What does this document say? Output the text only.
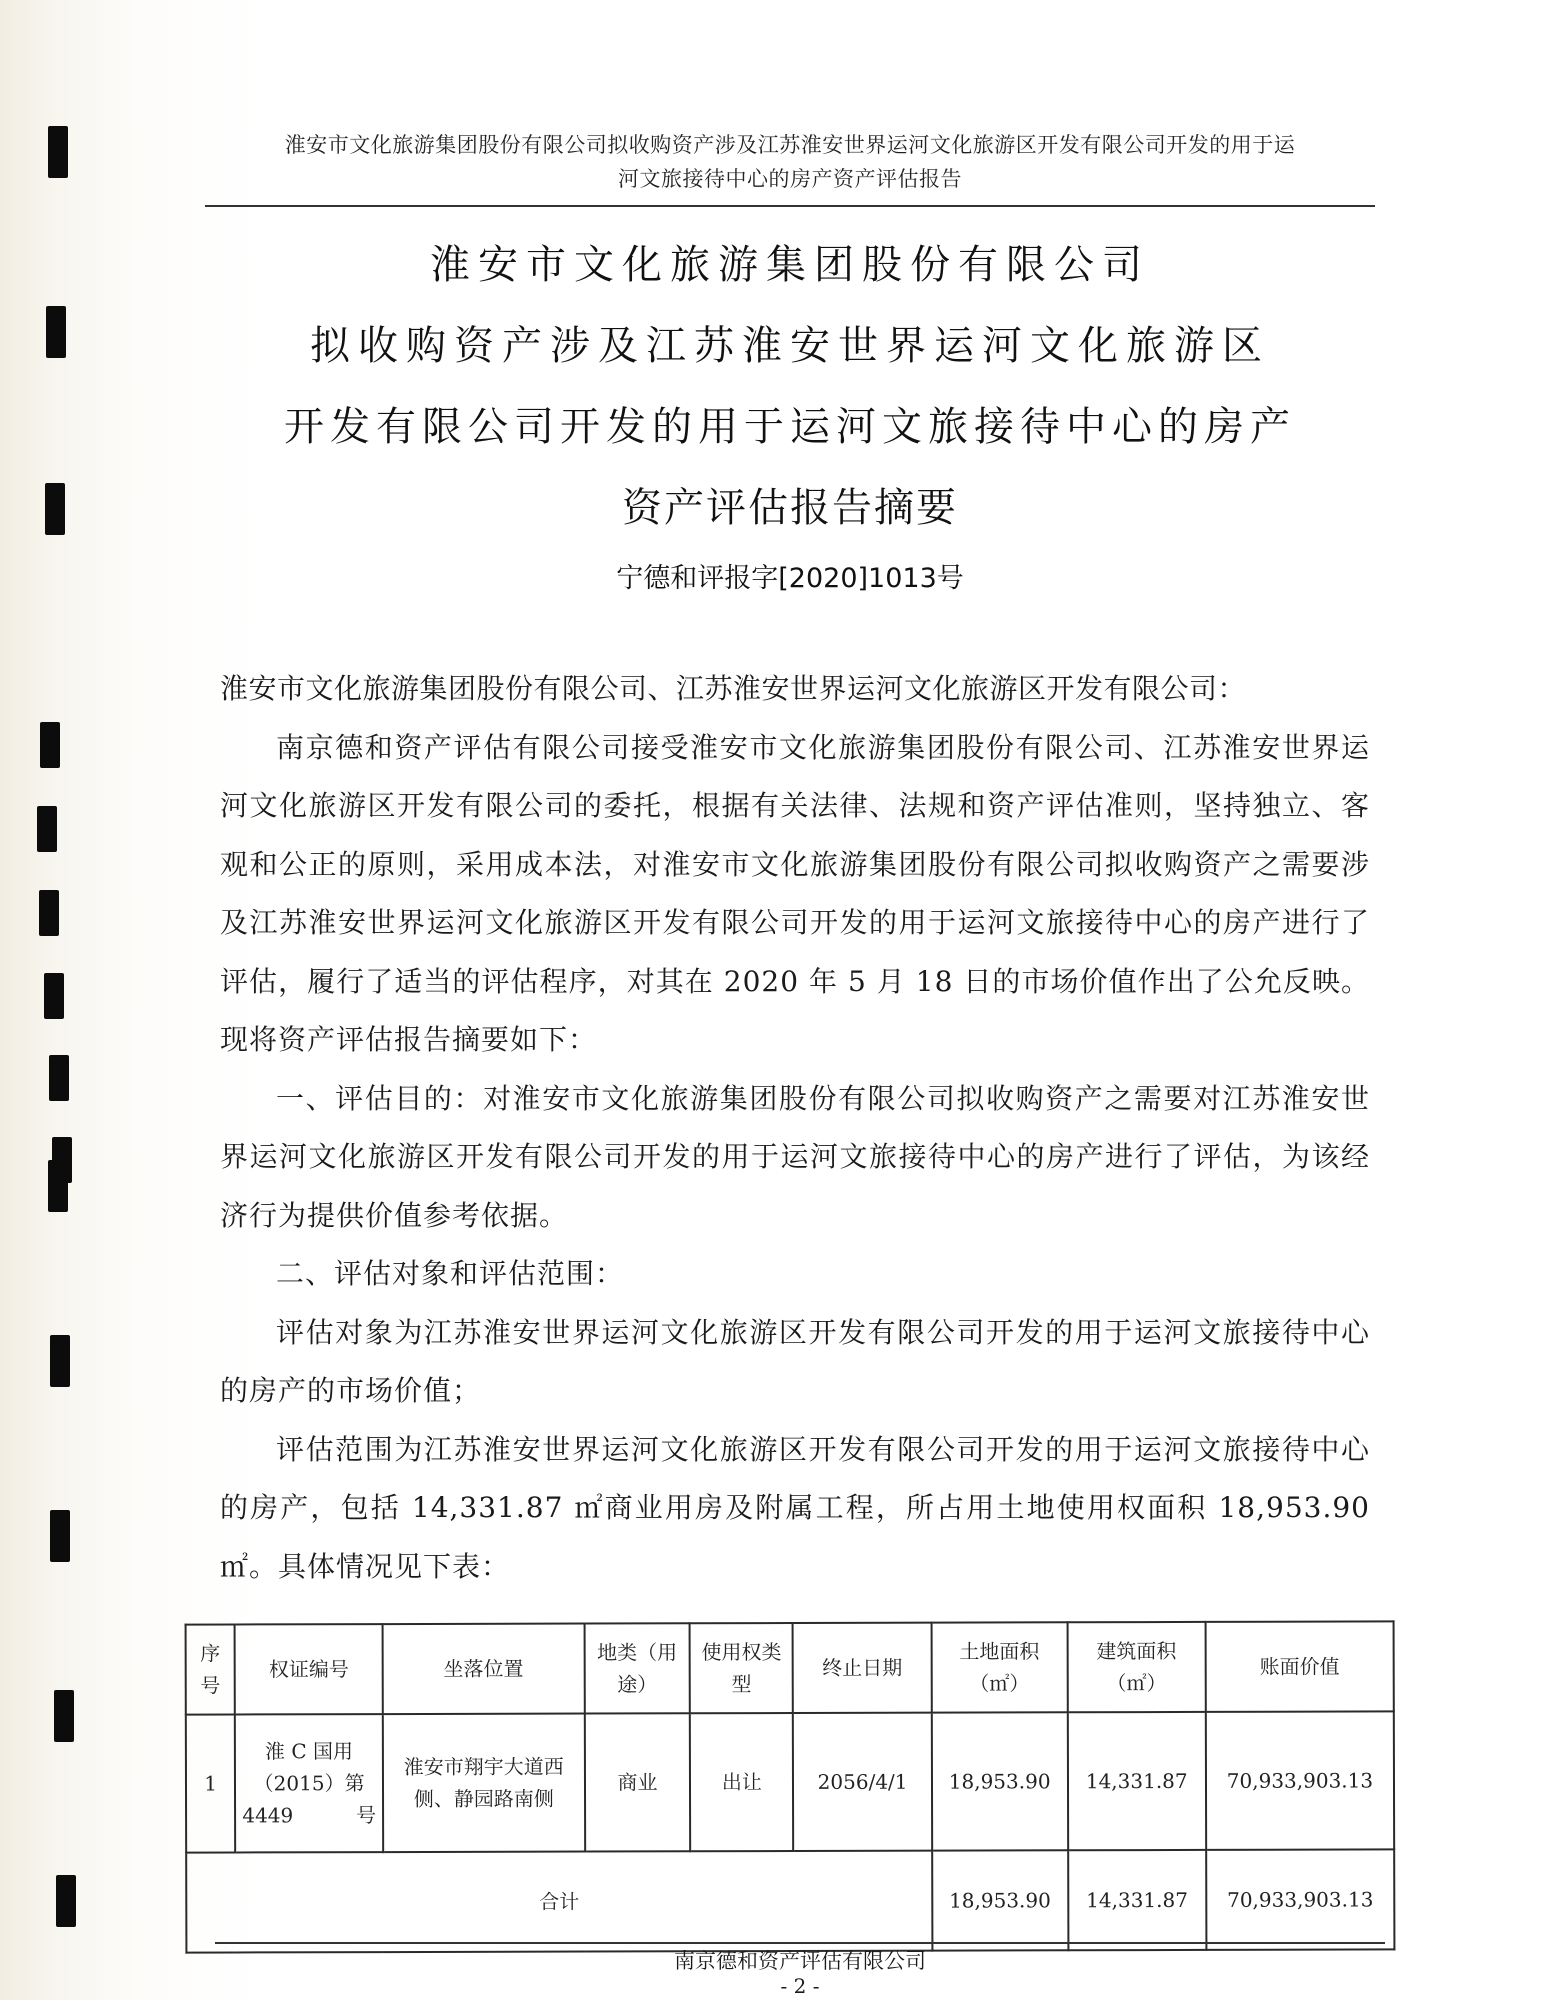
淮安市文化旅游集团股份有限公司拟收购资产涉及江苏淮安世界运河文化旅游区开发有限公司开发的用于运
河文旅接待中心的房产资产评估报告
淮安市文化旅游集团股份有限公司
拟收购资产涉及江苏淮安世界运河文化旅游区
开发有限公司开发的用于运河文旅接待中心的房产
资产评估报告摘要
宁德和评报字[2020]1013号
淮安市文化旅游集团股份有限公司、江苏淮安世界运河文化旅游区开发有限公司：
南京德和资产评估有限公司接受淮安市文化旅游集团股份有限公司、江苏淮安世界运河文化旅游区开发有限公司的委托，根据有关法律、法规和资产评估准则，坚持独立、客观和公正的原则，采用成本法，对淮安市文化旅游集团股份有限公司拟收购资产之需要涉及江苏淮安世界运河文化旅游区开发有限公司开发的用于运河文旅接待中心的房产进行了评估，履行了适当的评估程序，对其在 2020 年 5 月 18 日的市场价值作出了公允反映。现将资产评估报告摘要如下：
一、评估目的：对淮安市文化旅游集团股份有限公司拟收购资产之需要对江苏淮安世界运河文化旅游区开发有限公司开发的用于运河文旅接待中心的房产进行了评估，为该经济行为提供价值参考依据。
二、评估对象和评估范围：
评估对象为江苏淮安世界运河文化旅游区开发有限公司开发的用于运河文旅接待中心的房产的市场价值；
评估范围为江苏淮安世界运河文化旅游区开发有限公司开发的用于运河文旅接待中心的房产，包括 14,331.87 ㎡商业用房及附属工程，所占用土地使用权面积 18,953.90 ㎡。具体情况见下表：
序号	权证编号	坐落位置	地类（用途）	使用权类型	终止日期	土地面积（㎡）	建筑面积（㎡）	账面价值
1	淮 C 国用（2015）第 4449 号	淮安市翔宇大道西侧、静园路南侧	商业	出让	2056/4/1	18,953.90	14,331.87	70,933,903.13
合计						18,953.90	14,331.87	70,933,903.13
南京德和资产评估有限公司
- 2 -
